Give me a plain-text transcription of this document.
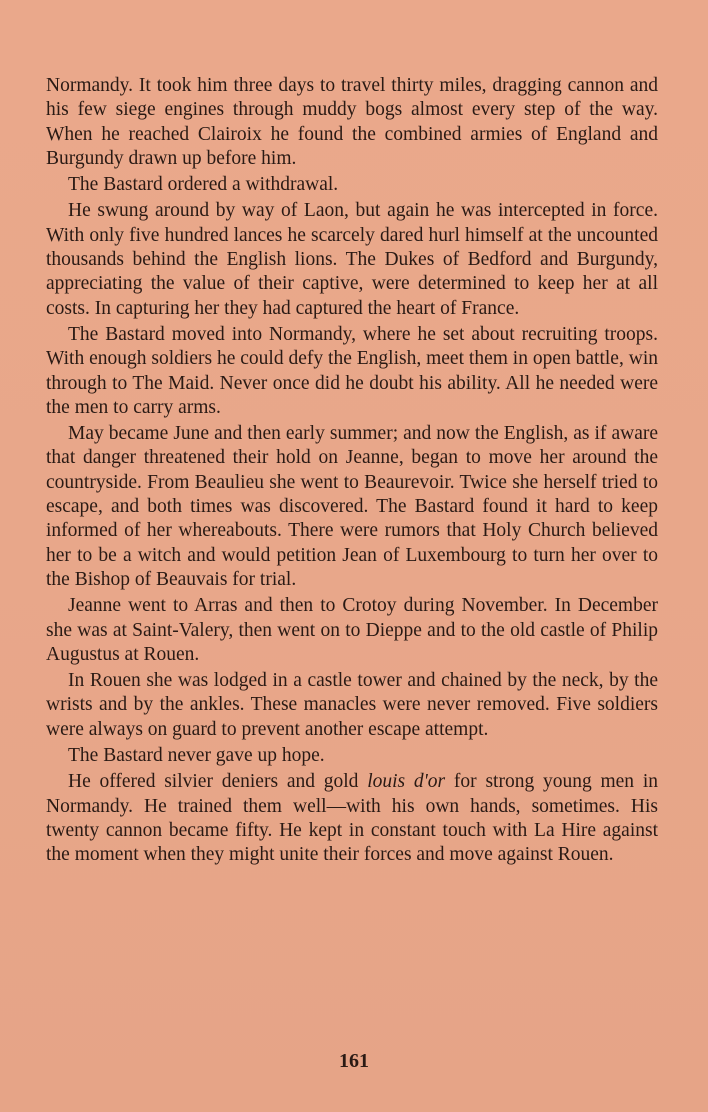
Normandy. It took him three days to travel thirty miles, dragging cannon and his few siege engines through muddy bogs almost every step of the way. When he reached Clairoix he found the combined armies of England and Burgundy drawn up before him.

The Bastard ordered a withdrawal.

He swung around by way of Laon, but again he was intercepted in force. With only five hundred lances he scarcely dared hurl himself at the uncounted thousands behind the English lions. The Dukes of Bedford and Burgundy, appreciating the value of their captive, were determined to keep her at all costs. In capturing her they had captured the heart of France.

The Bastard moved into Normandy, where he set about recruiting troops. With enough soldiers he could defy the English, meet them in open battle, win through to The Maid. Never once did he doubt his ability. All he needed were the men to carry arms.

May became June and then early summer; and now the English, as if aware that danger threatened their hold on Jeanne, began to move her around the countryside. From Beaulieu she went to Beaurevoir. Twice she herself tried to escape, and both times was discovered. The Bastard found it hard to keep informed of her whereabouts. There were rumors that Holy Church believed her to be a witch and would petition Jean of Luxembourg to turn her over to the Bishop of Beauvais for trial.

Jeanne went to Arras and then to Crotoy during November. In December she was at Saint-Valery, then went on to Dieppe and to the old castle of Philip Augustus at Rouen.

In Rouen she was lodged in a castle tower and chained by the neck, by the wrists and by the ankles. These manacles were never removed. Five soldiers were always on guard to prevent another escape attempt.

The Bastard never gave up hope.

He offered silvier deniers and gold louis d'or for strong young men in Normandy. He trained them well—with his own hands, sometimes. His twenty cannon became fifty. He kept in constant touch with La Hire against the moment when they might unite their forces and move against Rouen.

161
